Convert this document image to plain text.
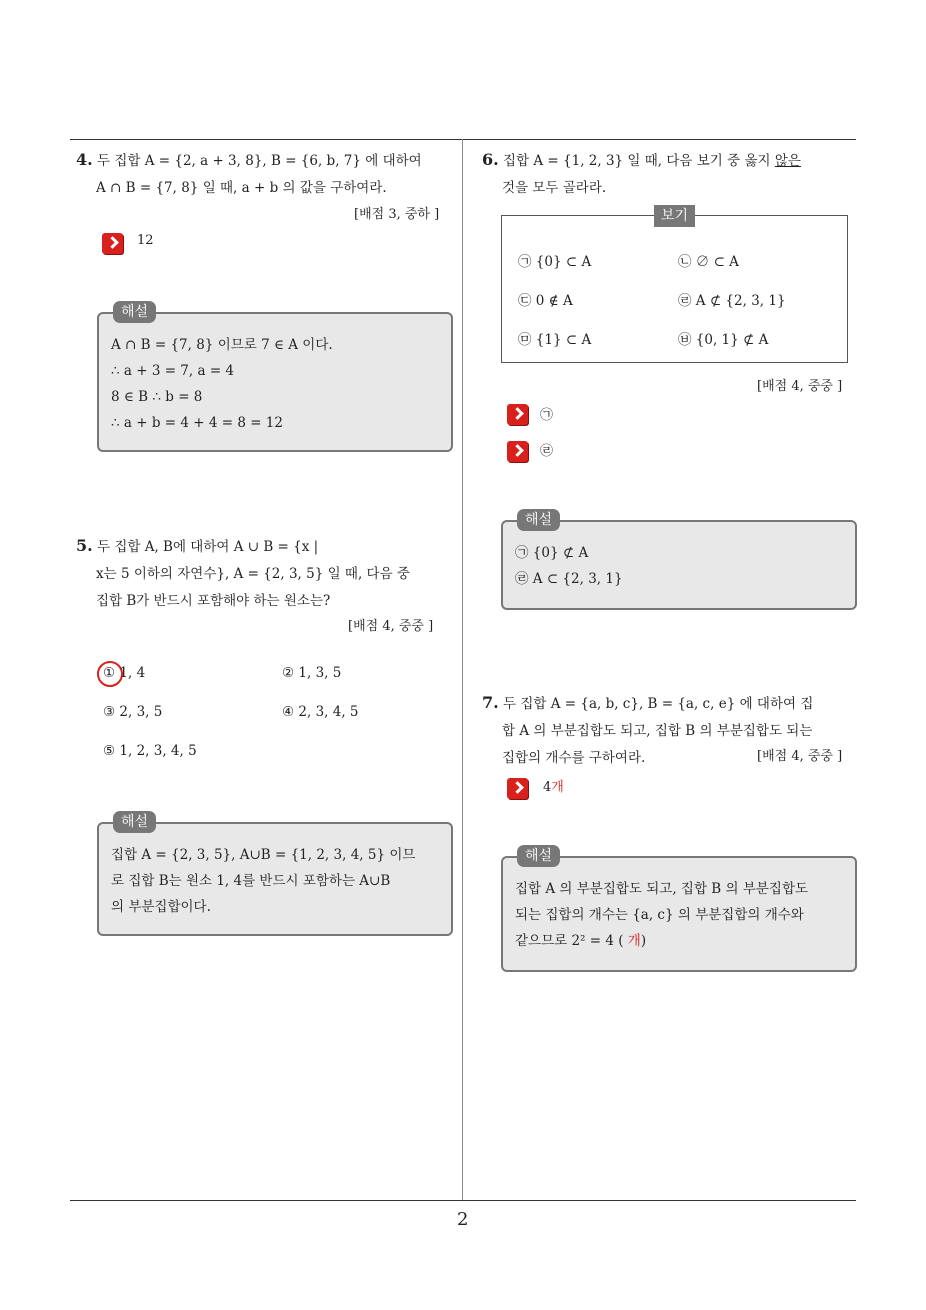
4. 두 집합 A = {2, a + 3, 8}, B = {6, b, 7} 에 대하여
A ∩ B = {7, 8} 일 때, a + b 의 값을 구하여라.
[배점 3, 중하 ]
12
해설
A ∩ B = {7, 8} 이므로 7 ∈ A 이다.
∴ a + 3 = 7, a = 4
8 ∈ B ∴ b = 8
∴ a + b = 4 + 4 = 8 = 12
5. 두 집합 A, B에 대하여 A ∪ B = {x |
x는 5 이하의 자연수}, A = {2, 3, 5} 일 때, 다음 중
집합 B가 반드시 포함해야 하는 원소는?
[배점 4, 중중 ]
① 1, 4	② 1, 3, 5
③ 2, 3, 5	④ 2, 3, 4, 5
⑤ 1, 2, 3, 4, 5
해설
집합 A = {2, 3, 5}, A∪B = {1, 2, 3, 4, 5} 이므
로 집합 B는 원소 1, 4를 반드시 포함하는 A∪B
의 부분집합이다.
6. 집합 A = {1, 2, 3} 일 때, 다음 보기 중 옳지 않은
것을 모두 골라라.
보기
㉠ {0} ⊂ A	㉡ ∅ ⊂ A
㉢ 0 ∉ A	㉣ A ⊄ {2, 3, 1}
㉤ {1} ⊂ A	㉥ {0, 1} ⊄ A
[배점 4, 중중 ]
㉠
㉣
해설
㉠ {0} ⊄ A
㉣ A ⊂ {2, 3, 1}
7. 두 집합 A = {a, b, c}, B = {a, c, e} 에 대하여 집
합 A 의 부분집합도 되고, 집합 B 의 부분집합도 되는
집합의 개수를 구하여라.	[배점 4, 중중 ]
4개
해설
집합 A 의 부분집합도 되고, 집합 B 의 부분집합도
되는 집합의 개수는 {a, c} 의 부분집합의 개수와
같으므로 2² = 4 ( 개)
2
